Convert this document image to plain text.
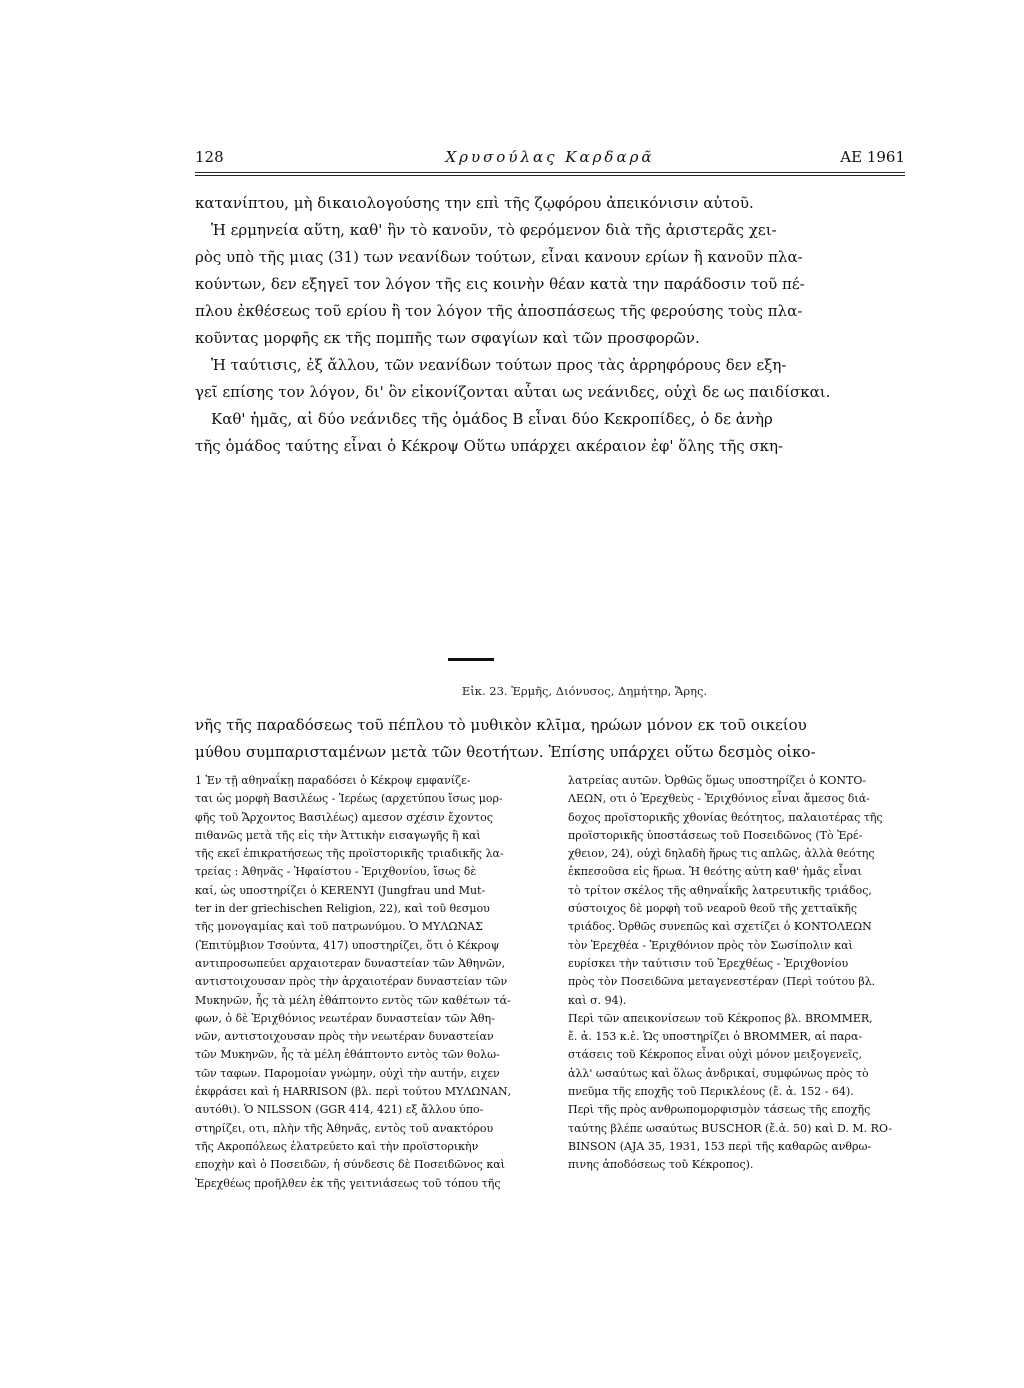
128	Χρυσούλας Καρδαρᾶ	ΑΕ 1961
κατανίπτου, μὴ δικαιολογούσης την επὶ τῆς ζῳφόρου ἀπεικόνισιν αὐτοῦ.
Ἡ ερμηνεία αὕτη, καθ' ἣν τὸ κανοῦν, τὸ φερόμενον διὰ τῆς ἀριστερᾶς χει-
ρὸς υπὸ τῆς μιας (31) των νεανίδων τούτων, εἶναι κανουν ερίων ἢ κανοῦν πλα-
κούντων, δεν εξηγεῖ τον λόγον τῆς εις κοινὴν θέαν κατὰ την παράδοσιν τοῦ πέ-
πλου ἐκθέσεως τοῦ ερίου ἢ τον λόγον τῆς ἀποσπάσεως τῆς φερούσης τοὺς πλα-
κοῦντας μορφῆς εκ τῆς πομπῆς των σφαγίων καὶ τῶν προσφορῶν.
Ἡ ταύτισις, ἐξ ἄλλου, τῶν νεανίδων τούτων προς τὰς ἀρρηφόρους δεν εξη-
γεῖ επίσης τον λόγον, δι' ὃν εἰκονίζονται αὗται ως νεάνιδες, οὐχὶ δε ως παιδίσκαι.
Καθ' ἡμᾶς, αἱ δύο νεάνιδες τῆς ὁμάδος Β εἶναι δύο Κεκροπίδες, ὁ δε ἀνὴρ
τῆς ὁμάδος ταύτης εἶναι ὁ Κέκροψ Οὕτω υπάρχει ακέραιον ἐφ' ὅλης τῆς σκη-
Εἰκ. 23. Ἑρμῆς, Διόνυσος, Δημήτηρ, Ἄρης.
νῆς τῆς παραδόσεως τοῦ πέπλου τὸ μυθικὸν κλῖμα, ηρώων μόνον εκ τοῦ οικείου
μύθου συμπαρισταμένων μετὰ τῶν θεοτήτων. Ἐπίσης υπάρχει οὕτω δεσμὸς οἰκο-
1 Ἐν τῇ αθηναΐκῃ παραδόσει ὁ Κέκροψ εμφανίζε-
ται ὡς μορφὴ Βασιλέως - Ἱερέως (αρχετύπου ἴσως μορ-
φῆς τοῦ Ἄρχοντος Βασιλέως) αμεσον σχέσιν ἔχοντος
πιθανῶς μετὰ τῆς εἰς τὴν Ἀττικὴν εισαγωγῆς ἢ καὶ
τῆς εκεῖ ἐπικρατήσεως τῆς προϊστορικῆς τριαδικῆς λα-
τρείας : Ἀθηνᾶς - Ἡφαίστου - Ἐριχθονίου, ἴσως δὲ
καί, ὡς υποστηρίζει ὁ KERENYI (Jungfrau und Mut-
ter in der griechischen Religion, 22), καὶ τοῦ θεσμου
τῆς μονογαμίας καὶ τοῦ πατρωνύμου. Ὁ ΜΥΛΩΝΑΣ
(Ἐπιτύμβιον Τσούντα, 417) υποστηρίζει, ὅτι ὁ Κέκροψ
αντιπροσωπεύει αρχαιοτεραν δυναστείαν τῶν Ἀθηνῶν,
αντιστοιχουσαν πρὸς τὴν ἀρχαιοτέραν δυναστείαν τῶν
Μυκηνῶν, ἧς τὰ μέλη ἐθάπτοντο εντὸς τῶν καθέτων τά-
φων, ὁ δὲ Ἐριχθόνιος νεωτέραν δυναστείαν τῶν Ἀθη-
νῶν, αντιστοιχουσαν πρὸς τὴν νεωτέραν δυναστείαν
τῶν Μυκηνῶν, ἧς τὰ μέλη ἐθάπτοντο εντὸς τῶν θολω-
τῶν ταφων. Παρομοίαν γνώμην, οὐχὶ τὴν αυτήν, ειχεν
ἐκφράσει καὶ ἡ HARRISON (βλ. περὶ τούτου ΜΥΛΩΝΑΝ,
αυτόθι). Ὁ NILSSON (GGR 414, 421) εξ ἄλλου ύπο-
στηρίζει, οτι, πλὴν τῆς Ἀθηνᾶς, εντὸς τοῦ ανακτόρου
τῆς Ακροπόλεως ἐλατρεύετο καὶ τὴν προϊστορικὴν
εποχὴν καὶ ὁ Ποσειδῶν, ἡ σύνδεσις δὲ Ποσειδῶνος καὶ
Ἐρεχθέως προῆλθεν ἐκ τῆς γειτνιάσεως τοῦ τόπου τῆς
λατρείας αυτῶν. Ὀρθῶς ὅμως υποστηρίζει ὁ ΚΟΝΤΟ-
ΛΕΩΝ, οτι ὁ Ἐρεχθεὺς - Ἐριχθόνιος εἶναι ἄμεσος διά-
δοχος προϊστορικῆς χθονίας θεότητος, παλαιοτέρας τῆς
προϊστορικῆς ὑποστάσεως τοῦ Ποσειδῶνος (Τὸ Ἐρέ-
χθειον, 24), οὐχὶ δηλαδὴ ἥρως τις απλῶς, ἀλλὰ θεότης
ἐκπεσοῦσα εἰς ἥρωα. Ἡ θεότης αὐτη καθ' ἡμᾶς εἶναι
τὸ τρίτον σκέλος τῆς αθηναΐκῆς λατρευτικῆς τριάδος,
σύστοιχος δὲ μορφὴ τοῦ νεαροῦ θεοῦ τῆς χετταϊκῆς
τριάδος. Ὀρθῶς συνεπῶς καὶ σχετίζει ὁ ΚΟΝΤΟΛΕΩΝ
τὸν Ἐρεχθέα - Ἐριχθόνιον πρὸς τὸν Σωσίπολιν καὶ
ευρίσκει τὴν ταύτισιν τοῦ Ἐρεχθέως - Ἐριχθονίου
πρὸς τὸν Ποσειδῶνα μεταγενεστέραν (Περὶ τούτου βλ.
καὶ σ. 94).
Περὶ τῶν απεικονίσεων τοῦ Κέκροπος βλ. BROMMER,
ἔ. ἀ. 153 κ.ἑ. Ὡς υποστηρίζει ὁ BROMMER, αἱ παρα-
στάσεις τοῦ Κέκροπος εἶναι οὐχὶ μόνον μειξογενεῖς,
ἀλλ' ωσαύτως καὶ ὅλως ἀνδρικαί, συμφώνως πρὸς τὸ
πνεῦμα τῆς εποχῆς τοῦ Περικλέους (ἔ. ἀ. 152 - 64).
Περὶ τῆς πρὸς ανθρωπομορφισμὸν τάσεως τῆς εποχῆς
ταύτης βλέπε ωσαύτως BUSCHOR (ἔ.ἀ. 50) καὶ D. M. RO-
BINSON (AJA 35, 1931, 153 περὶ τῆς καθαρῶς ανθρω-
πινης ἀποδόσεως τοῦ Κέκροπος).
